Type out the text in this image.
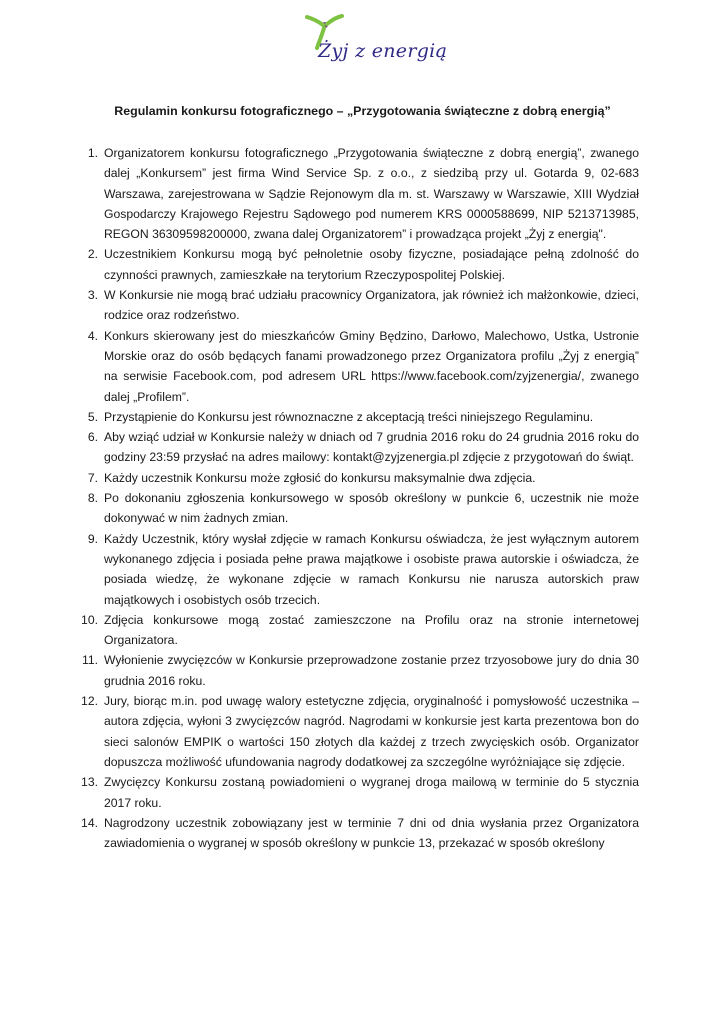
Żyj z energią
Regulamin konkursu fotograficznego – „Przygotowania świąteczne z dobrą energią”
1. Organizatorem konkursu fotograficznego „Przygotowania świąteczne z dobrą energią”, zwanego dalej „Konkursem” jest firma Wind Service Sp. z o.o., z siedzibą przy ul. Gotarda 9, 02-683 Warszawa, zarejestrowana w Sądzie Rejonowym dla m. st. Warszawy w Warszawie, XIII Wydział Gospodarczy Krajowego Rejestru Sądowego pod numerem KRS 0000588699, NIP 5213713985, REGON 36309598200000, zwana dalej Organizatorem” i prowadząca projekt „Żyj z energią".
2. Uczestnikiem Konkursu mogą być pełnoletnie osoby fizyczne, posiadające pełną zdolność do czynności prawnych, zamieszkałe na terytorium Rzeczypospolitej Polskiej.
3. W Konkursie nie mogą brać udziału pracownicy Organizatora, jak również ich małżonkowie, dzieci, rodzice oraz rodzeństwo.
4. Konkurs skierowany jest do mieszkańców Gminy Będzino, Darłowo, Malechowo, Ustka, Ustronie Morskie oraz do osób będących fanami prowadzonego przez Organizatora profilu „Żyj z energią” na serwisie Facebook.com, pod adresem URL https://www.facebook.com/zyjzenergia/, zwanego dalej „Profilem”.
5. Przystąpienie do Konkursu jest równoznaczne z akceptacją treści niniejszego Regulaminu.
6. Aby wziąć udział w Konkursie należy w dniach od 7 grudnia 2016 roku do 24 grudnia 2016 roku do godziny 23:59 przysłać na adres mailowy: kontakt@zyjzenergia.pl zdjęcie z przygotowań do świąt.
7. Każdy uczestnik Konkursu może zgłosić do konkursu maksymalnie dwa zdjęcia.
8. Po dokonaniu zgłoszenia konkursowego w sposób określony w punkcie 6, uczestnik nie może dokonywać w nim żadnych zmian.
9. Każdy Uczestnik, który wysłał zdjęcie w ramach Konkursu oświadcza, że jest wyłącznym autorem wykonanego zdjęcia i posiada pełne prawa majątkowe i osobiste prawa autorskie i oświadcza, że posiada wiedzę, że wykonane zdjęcie w ramach Konkursu nie narusza autorskich praw majątkowych i osobistych osób trzecich.
10. Zdjęcia konkursowe mogą zostać zamieszczone na Profilu oraz na stronie internetowej Organizatora.
11. Wyłonienie zwycięzców w Konkursie przeprowadzone zostanie przez trzyosobowe jury do dnia 30 grudnia 2016 roku.
12. Jury, biorąc m.in. pod uwagę walory estetyczne zdjęcia, oryginalność i pomysłowość uczestnika – autora zdjęcia, wyłoni 3 zwycięzców nagród. Nagrodami w konkursie jest karta prezentowa bon do sieci salonów EMPIK o wartości 150 złotych dla każdej z trzech zwycięskich osób. Organizator dopuszcza możliwość ufundowania nagrody dodatkowej za szczególne wyróżniające się zdjęcie.
13. Zwycięzcy Konkursu zostaną powiadomieni o wygranej droga mailową w terminie do 5 stycznia 2017 roku.
14. Nagrodzony uczestnik zobowiązany jest w terminie 7 dni od dnia wysłania przez Organizatora zawiadomienia o wygranej w sposób określony w punkcie 13, przekazać w sposób określony
